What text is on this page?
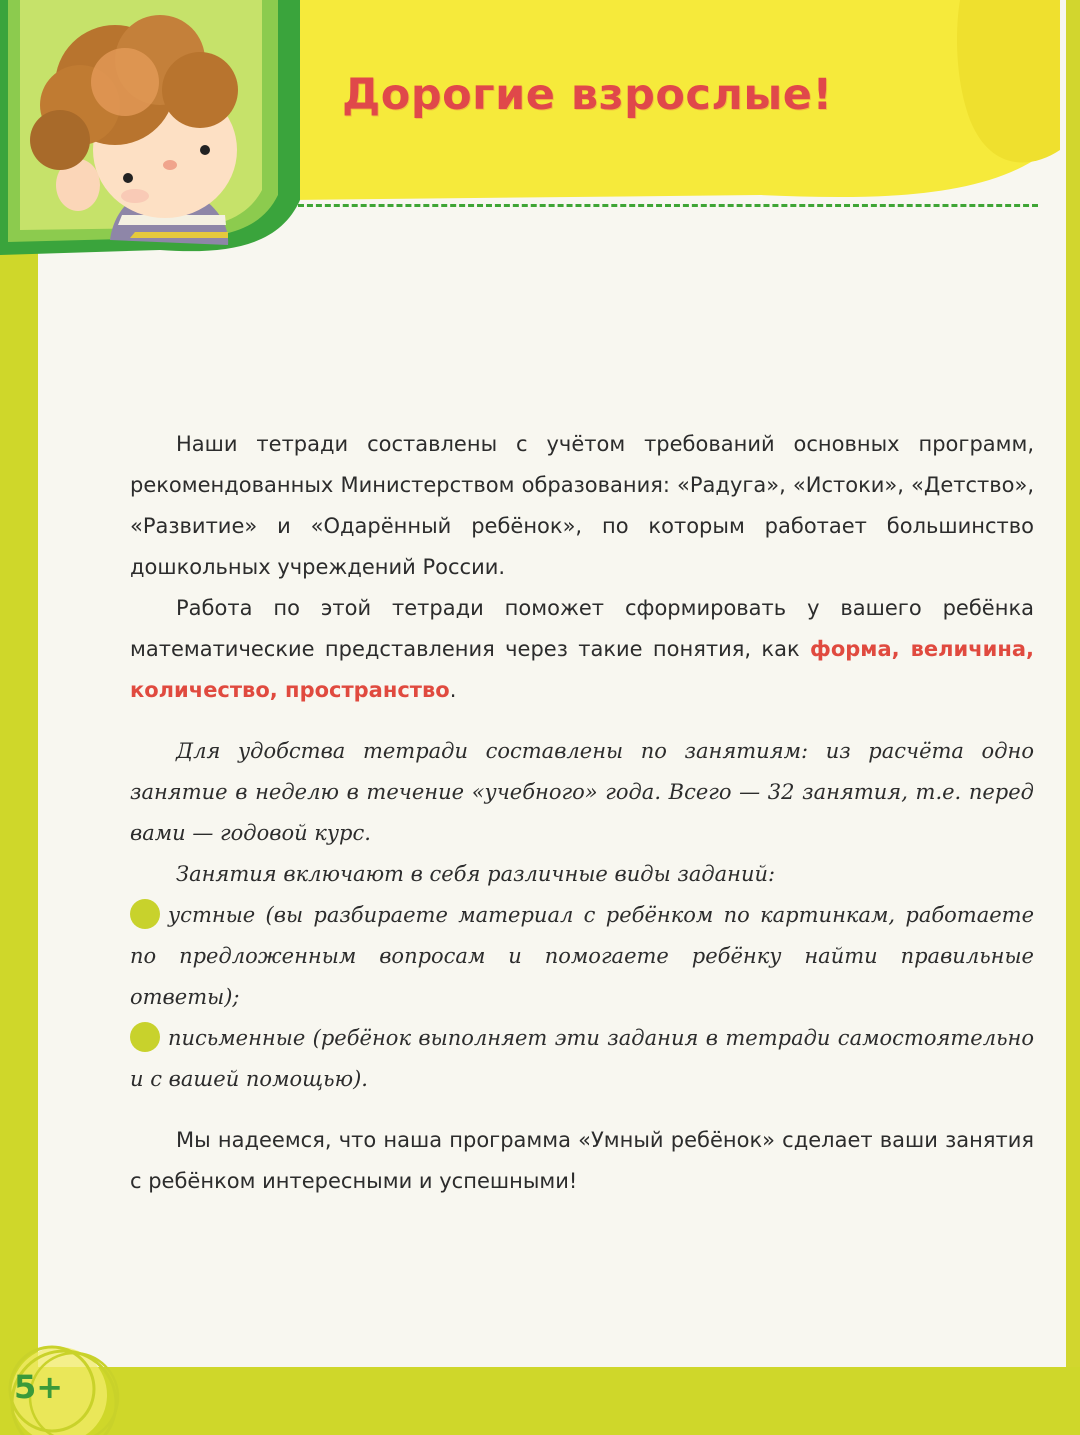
Дорогие взрослые!

Наши тетради составлены с учётом требований основных программ, рекомендованных Министерством образования: «Радуга», «Истоки», «Детство», «Развитие» и «Одарённый ребёнок», по которым работает большинство дошкольных учреждений России.

Работа по этой тетради поможет сформировать у вашего ребёнка математические представления через такие понятия, как форма, величина, количество, пространство.

Для удобства тетради составлены по занятиям: из расчёта одно занятие в неделю в течение «учебного» года. Всего — 32 занятия, т.е. перед вами — годовой курс.

Занятия включают в себя различные виды заданий:

устные (вы разбираете материал с ребёнком по картинкам, работаете по предложенным вопросам и помогаете ребёнку найти правильные ответы);

письменные (ребёнок выполняет эти задания в тетради самостоятельно и с вашей помощью).

Мы надеемся, что наша программа «Умный ребёнок» сделает ваши занятия с ребёнком интересными и успешными!

5+
